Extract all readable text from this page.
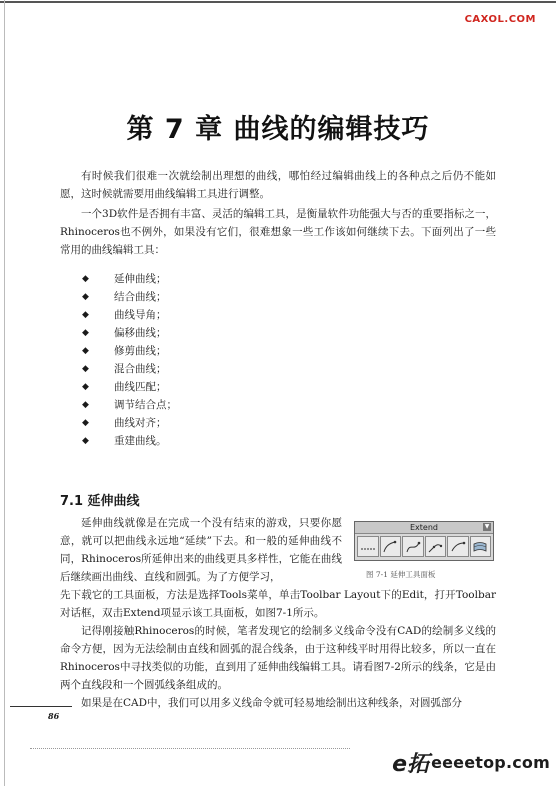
CAXOL.COM
第 7 章 曲线的编辑技巧

有时候我们很难一次就绘制出理想的曲线，哪怕经过编辑曲线上的各种点之后仍不能如愿，这时候就需要用曲线编辑工具进行调整。

一个3D软件是否拥有丰富、灵活的编辑工具，是衡量软件功能强大与否的重要指标之一，Rhinoceros也不例外，如果没有它们，很难想象一些工作该如何继续下去。下面列出了一些常用的曲线编辑工具：

◆	延伸曲线；
◆	结合曲线；
◆	曲线导角；
◆	偏移曲线；
◆	修剪曲线；
◆	混合曲线；
◆	曲线匹配；
◆	调节结合点；
◆	曲线对齐；
◆	重建曲线。
7.1 延伸曲线

延伸曲线就像是在完成一个没有结束的游戏，只要你愿意，就可以把曲线永远地“延续”下去。和一般的延伸曲线不同，Rhinoceros所延伸出来的曲线更具多样性，它能在曲线后继续画出曲线、直线和圆弧。为了方便学习，

先下载它的工具面板，方法是选择Tools菜单，单击Toolbar Layout下的Edit，打开Toolbar对话框，双击Extend项显示该工具面板，如图7-1所示。

记得刚接触Rhinoceros的时候，笔者发现它的绘制多义线命令没有CAD的绘制多义线的命令方便，因为无法绘制由直线和圆弧的混合线条，由于这种线平时用得比较多，所以一直在Rhinoceros中寻找类似的功能，直到用了延伸曲线编辑工具。请看图7-2所示的线条，它是由两个直线段和一个圆弧线条组成的。

如果是在CAD中，我们可以用多义线命令就可轻易地绘制出这种线条，对圆弧部分

Extend	▼
图 7-1 延伸工具面板
86
e拓 eeeetop.com
